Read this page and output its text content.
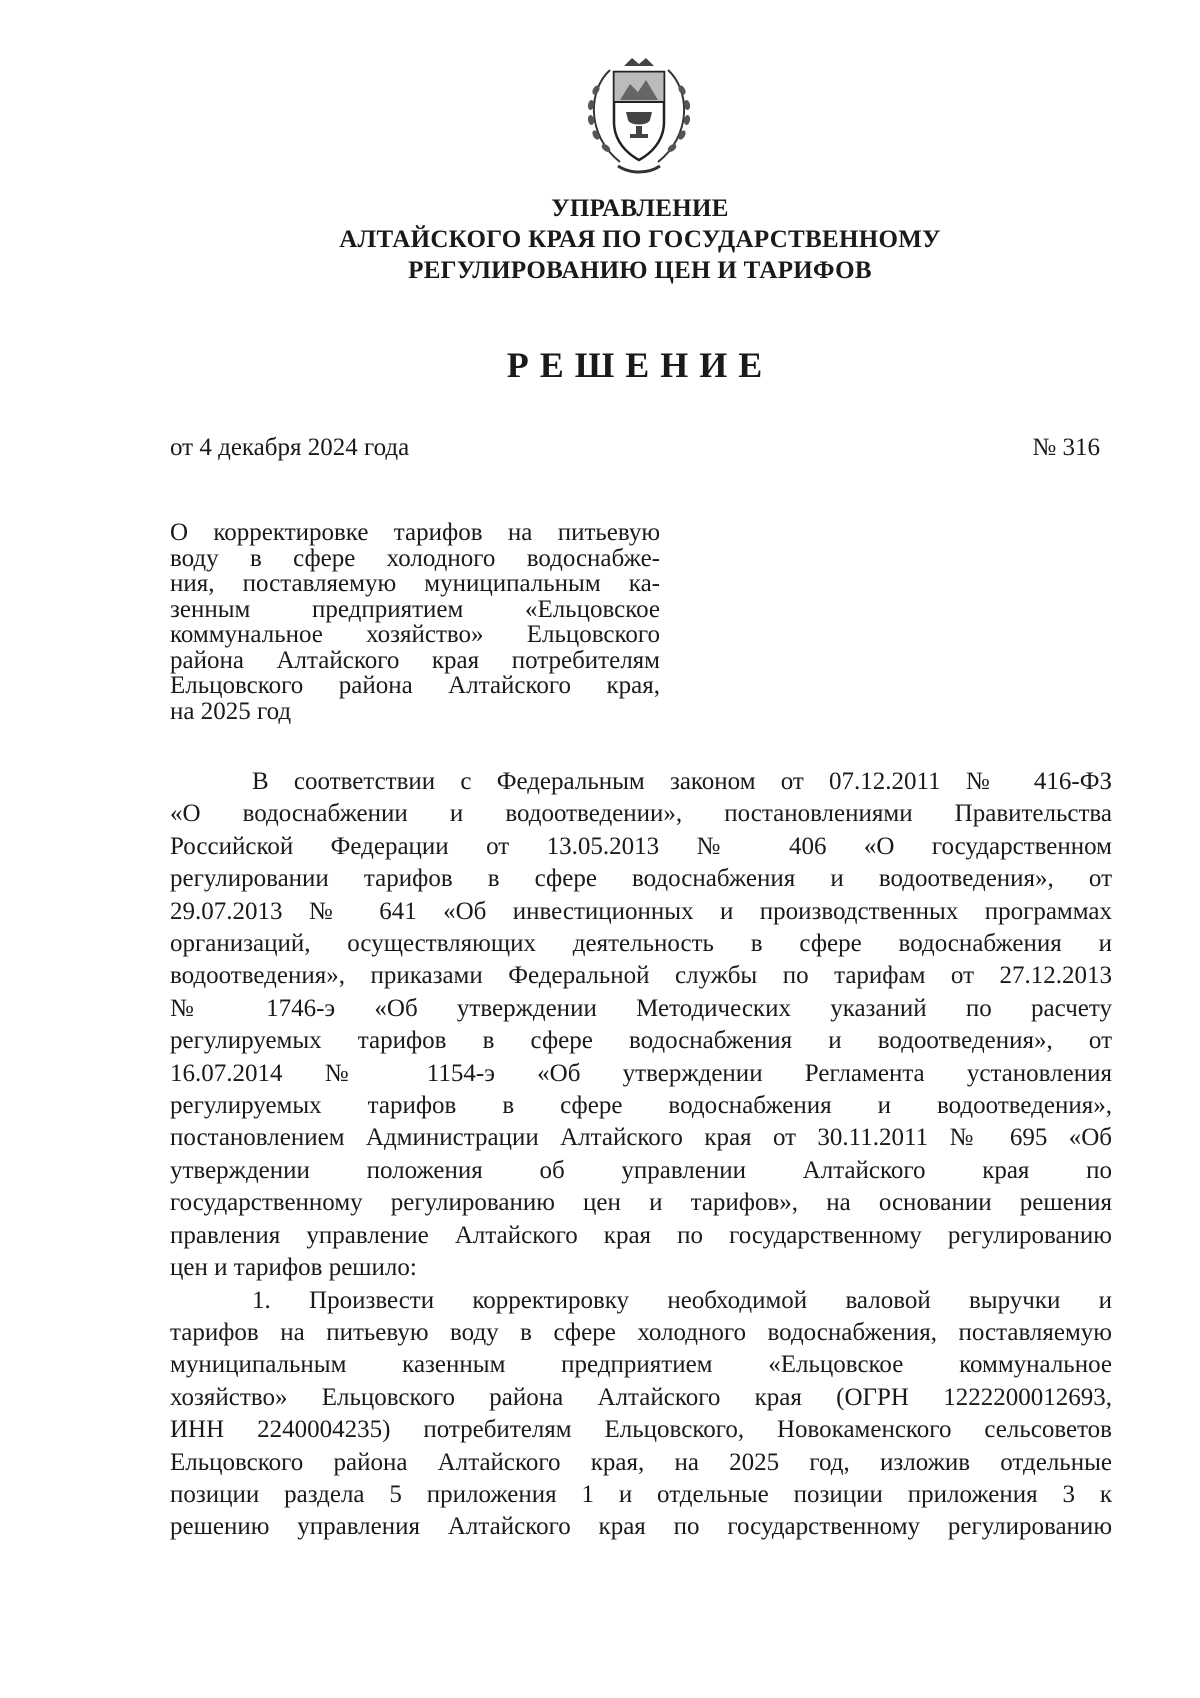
УПРАВЛЕНИЕ
АЛТАЙСКОГО КРАЯ ПО ГОСУДАРСТВЕННОМУ
РЕГУЛИРОВАНИЮ ЦЕН И ТАРИФОВ
РЕШЕНИЕ
от 4 декабря 2024 года	№ 316
О корректировке тарифов на питьевую
воду в сфере холодного водоснабже-
ния, поставляемую муниципальным ка-
зенным предприятием «Ельцовское
коммунальное хозяйство» Ельцовского
района Алтайского края потребителям
Ельцовского района Алтайского края,
на 2025 год
В соответствии с Федеральным законом от 07.12.2011 № 416-ФЗ
«О водоснабжении и водоотведении», постановлениями Правительства
Российской Федерации от 13.05.2013 № 406 «О государственном
регулировании тарифов в сфере водоснабжения и водоотведения», от
29.07.2013 № 641 «Об инвестиционных и производственных программах
организаций, осуществляющих деятельность в сфере водоснабжения и
водоотведения», приказами Федеральной службы по тарифам от 27.12.2013
№ 1746-э «Об утверждении Методических указаний по расчету
регулируемых тарифов в сфере водоснабжения и водоотведения», от
16.07.2014 № 1154-э «Об утверждении Регламента установления
регулируемых тарифов в сфере водоснабжения и водоотведения»,
постановлением Администрации Алтайского края от 30.11.2011 № 695 «Об
утверждении положения об управлении Алтайского края по
государственному регулированию цен и тарифов», на основании решения
правления управление Алтайского края по государственному регулированию
цен и тарифов решило:
1. Произвести корректировку необходимой валовой выручки и
тарифов на питьевую воду в сфере холодного водоснабжения, поставляемую
муниципальным казенным предприятием «Ельцовское коммунальное
хозяйство» Ельцовского района Алтайского края (ОГРН 1222200012693,
ИНН 2240004235) потребителям Ельцовского, Новокаменского сельсоветов
Ельцовского района Алтайского края, на 2025 год, изложив отдельные
позиции раздела 5 приложения 1 и отдельные позиции приложения 3 к
решению управления Алтайского края по государственному регулированию
